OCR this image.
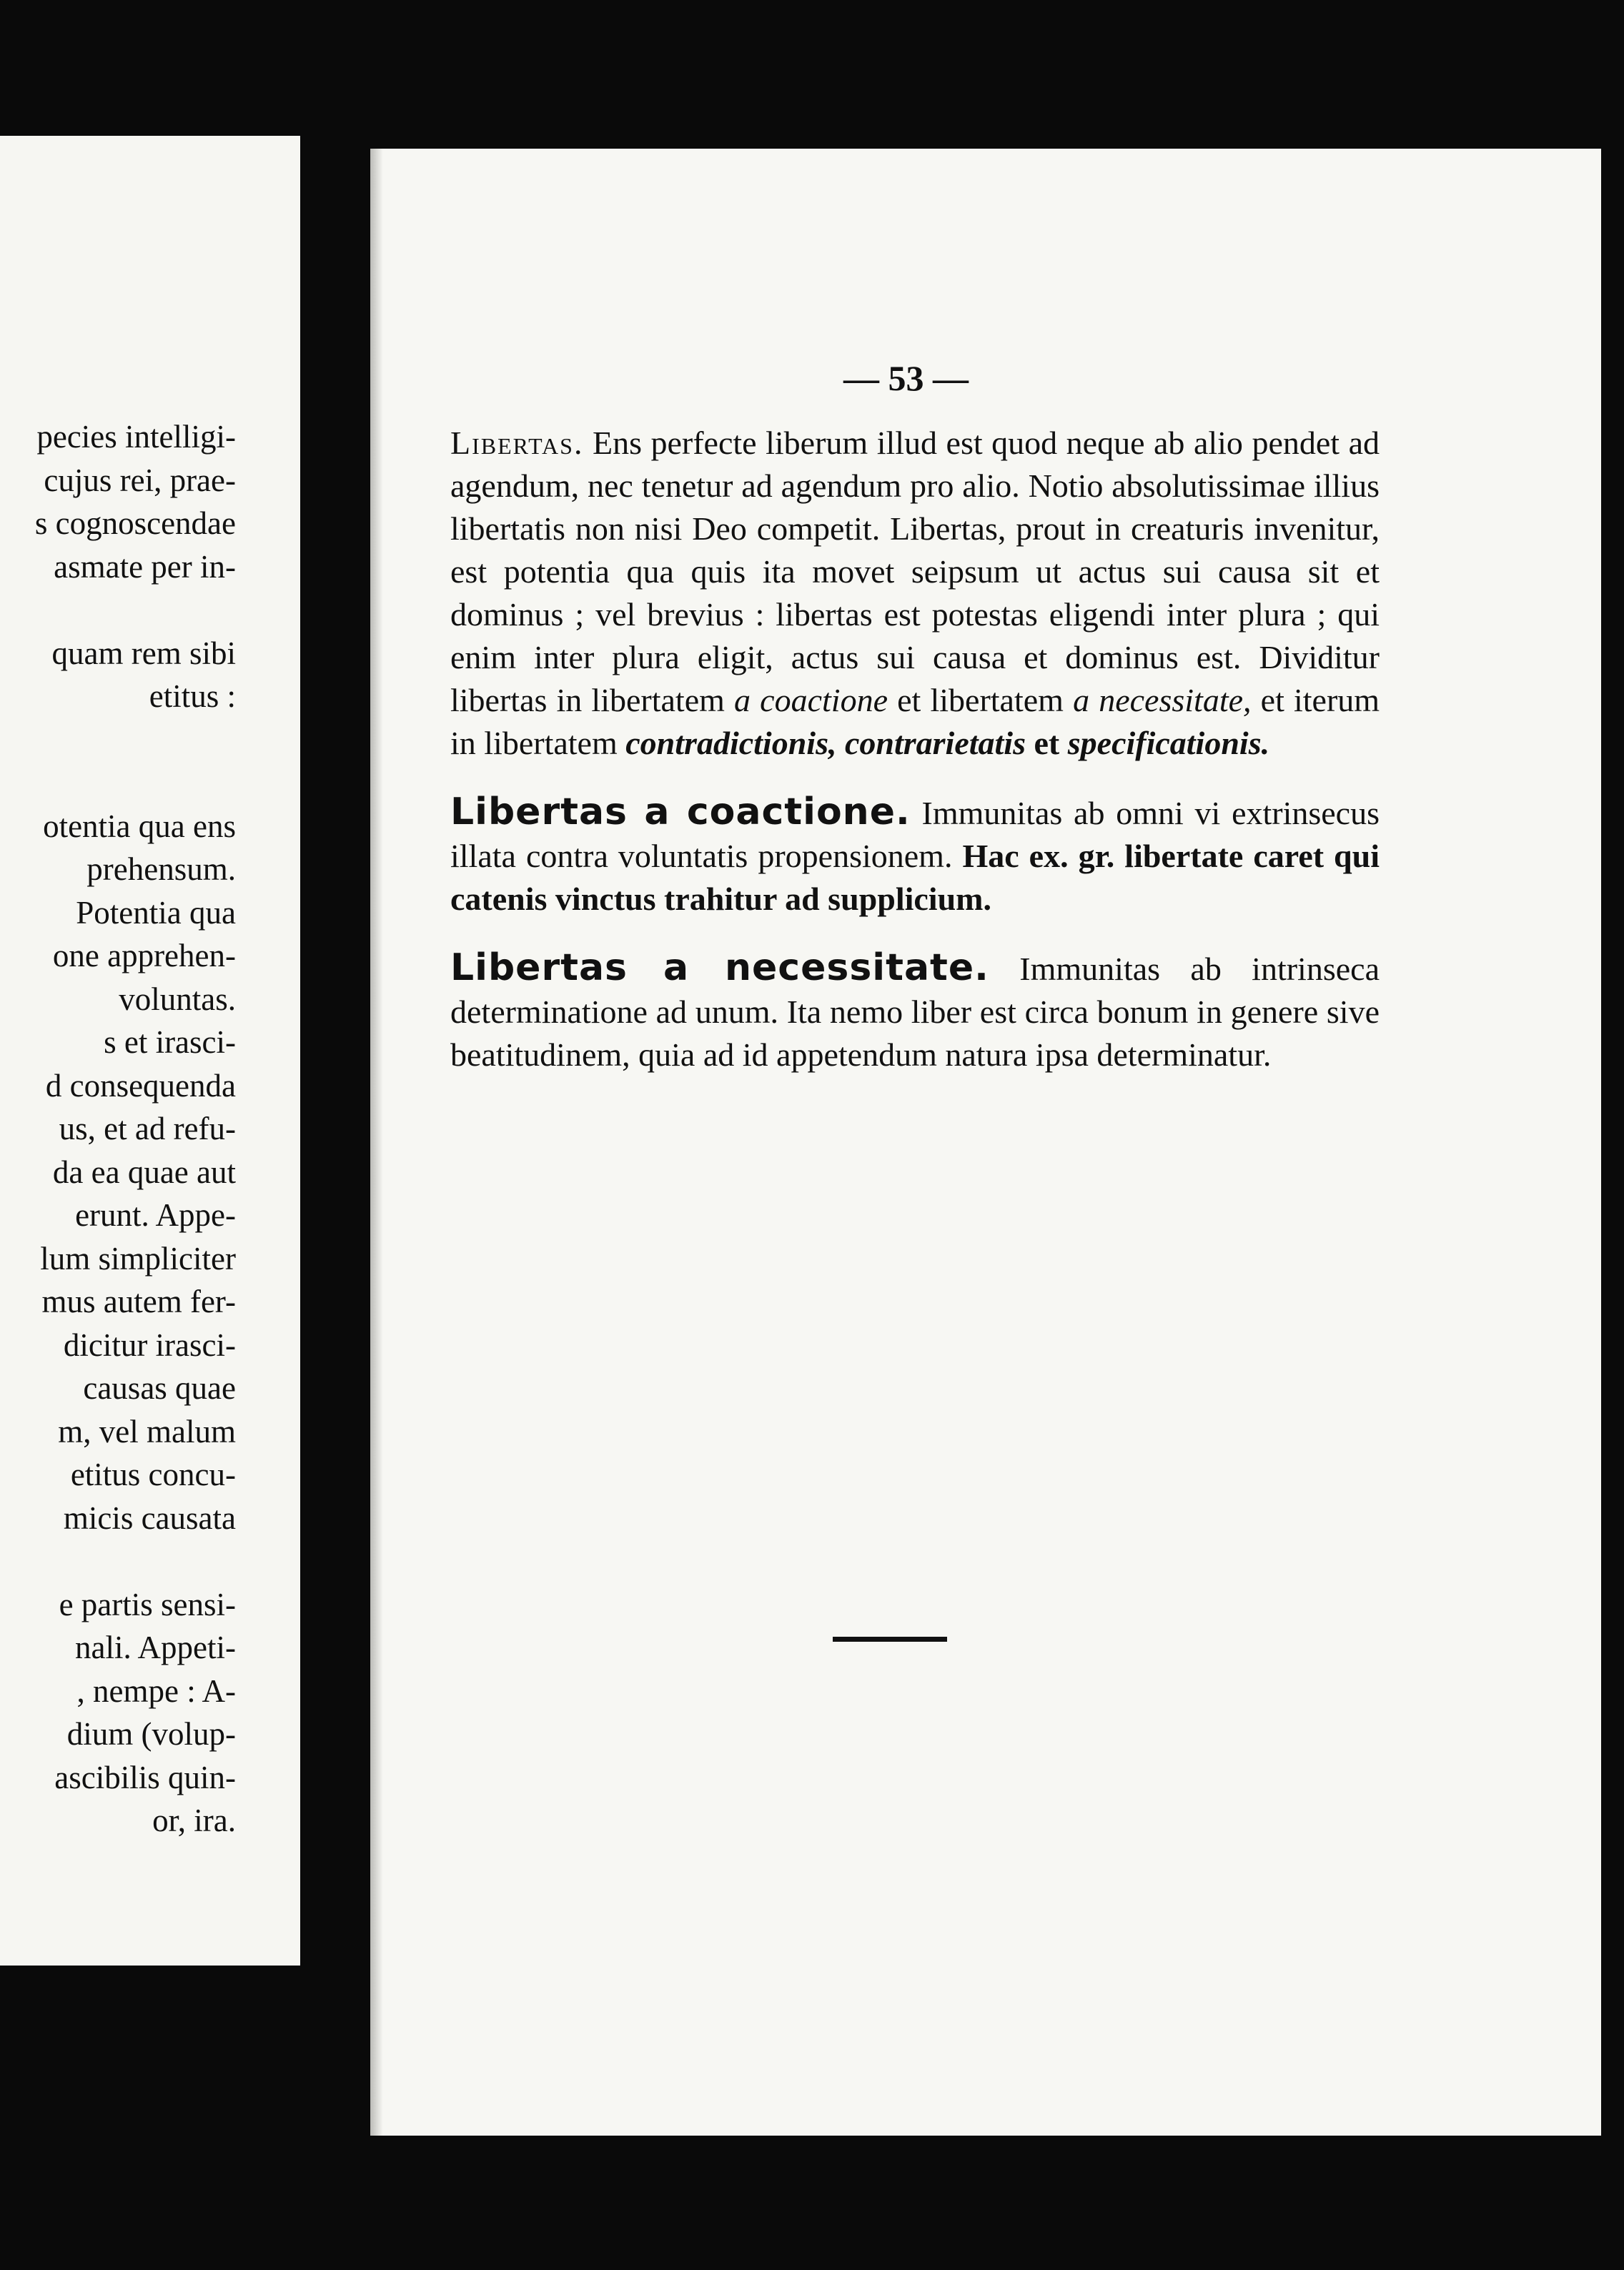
pecies intelligi-
cujus rei, prae-
s cognoscendae
asmate per in-
quam rem sibi
etitus :
otentia qua ens
prehensum.
Potentia qua
one apprehen-
voluntas.
s et irasci-
d consequenda
us, et ad refu-
da ea quae aut
erunt. Appe-
lum simpliciter
mus autem fer-
dicitur irasci-
causas quae
m, vel malum
etitus concu-
micis causata
e partis sensi-
nali. Appeti-
, nempe : A-
dium (volup-
ascibilis quin-
or, ira.
— 53 —

Libertas. Ens perfecte liberum illud est quod neque ab alio pendet ad agendum, nec tenetur ad agendum pro alio. Notio absolutissimae illius libertatis non nisi Deo competit. Libertas, prout in creaturis invenitur, est potentia qua quis ita movet seipsum ut actus sui causa sit et dominus ; vel brevius : libertas est potestas eligendi inter plura ; qui enim inter plura eligit, actus sui causa et dominus est. Dividitur libertas in libertatem a coactione et libertatem a necessitate, et iterum in libertatem contradictionis, contrarietatis et specificationis.

Libertas a coactione. Immunitas ab omni vi extrinsecus illata contra voluntatis propensionem. Hac ex. gr. libertate caret qui catenis vinctus trahitur ad supplicium.

Libertas a necessitate. Immunitas ab intrinseca determinatione ad unum. Ita nemo liber est circa bonum in genere sive beatitudinem, quia ad id appetendum natura ipsa determinatur.
